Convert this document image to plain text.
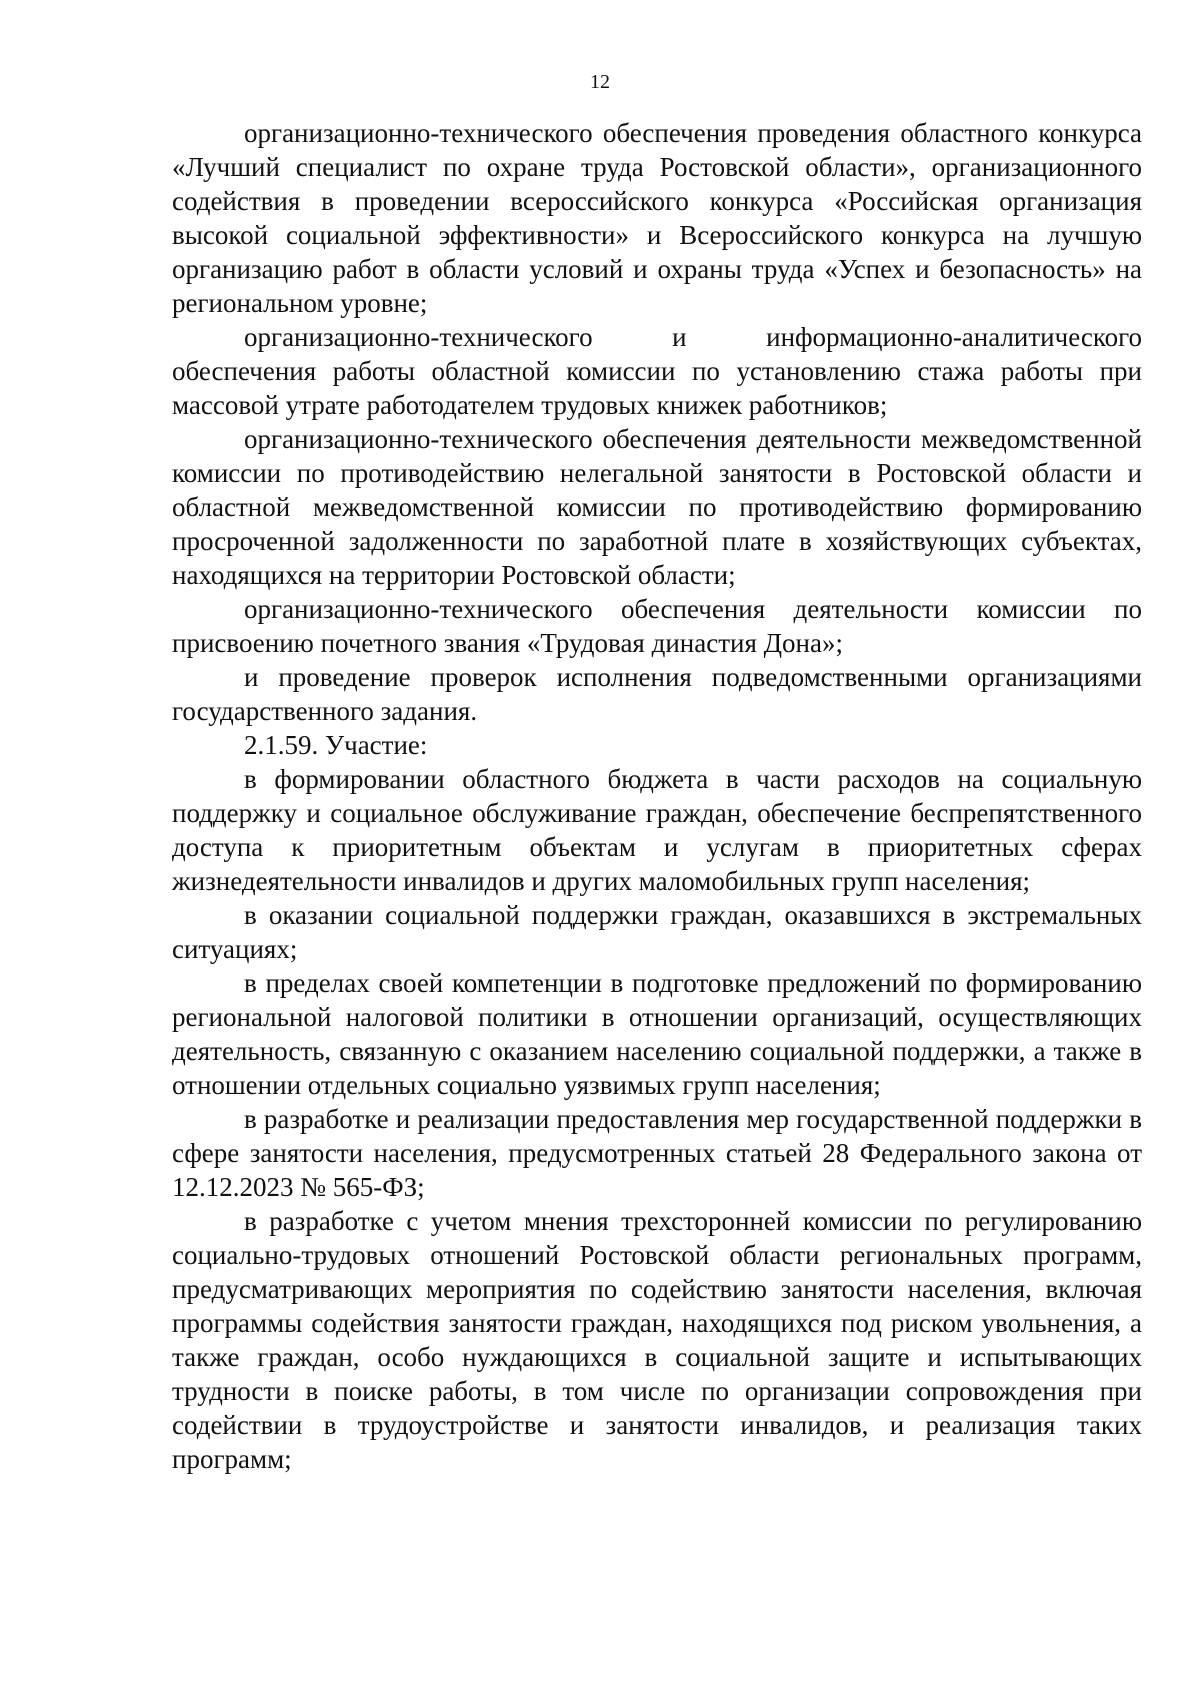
12

организационно-технического обеспечения проведения областного конкурса «Лучший специалист по охране труда Ростовской области», организационного содействия в проведении всероссийского конкурса «Российская организация высокой социальной эффективности» и Всероссийского конкурса на лучшую организацию работ в области условий и охраны труда «Успех и безопасность» на региональном уровне;

организационно-технического и информационно-аналитического обеспечения работы областной комиссии по установлению стажа работы при массовой утрате работодателем трудовых книжек работников;

организационно-технического обеспечения деятельности межведомственной комиссии по противодействию нелегальной занятости в Ростовской области и областной межведомственной комиссии по противодействию формированию просроченной задолженности по заработной плате в хозяйствующих субъектах, находящихся на территории Ростовской области;

организационно-технического обеспечения деятельности комиссии по присвоению почетного звания «Трудовая династия Дона»;

и проведение проверок исполнения подведомственными организациями государственного задания.

2.1.59. Участие:

в формировании областного бюджета в части расходов на социальную поддержку и социальное обслуживание граждан, обеспечение беспрепятственного доступа к приоритетным объектам и услугам в приоритетных сферах жизнедеятельности инвалидов и других маломобильных групп населения;

в оказании социальной поддержки граждан, оказавшихся в экстремальных ситуациях;

в пределах своей компетенции в подготовке предложений по формированию региональной налоговой политики в отношении организаций, осуществляющих деятельность, связанную с оказанием населению социальной поддержки, а также в отношении отдельных социально уязвимых групп населения;

в разработке и реализации предоставления мер государственной поддержки в сфере занятости населения, предусмотренных статьей 28 Федерального закона от 12.12.2023 № 565-ФЗ;

в разработке с учетом мнения трехсторонней комиссии по регулированию социально-трудовых отношений Ростовской области региональных программ, предусматривающих мероприятия по содействию занятости населения, включая программы содействия занятости граждан, находящихся под риском увольнения, а также граждан, особо нуждающихся в социальной защите и испытывающих трудности в поиске работы, в том числе по организации сопровождения при содействии в трудоустройстве и занятости инвалидов, и реализация таких программ;
